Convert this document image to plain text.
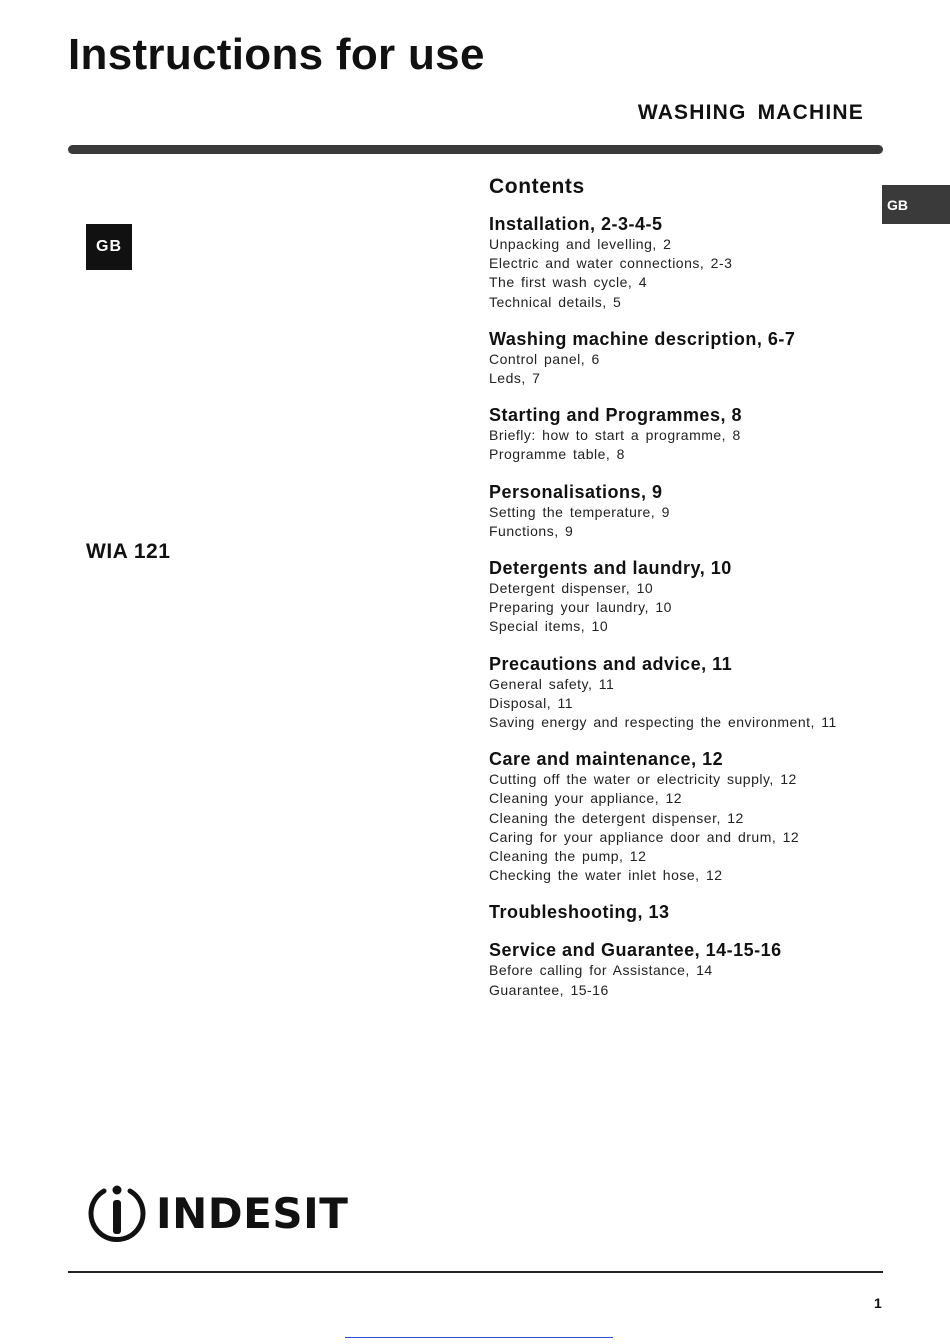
Instructions for use
WASHING MACHINE
GB
GB
WIA 121
Contents
Installation, 2-3-4-5
Unpacking and levelling, 2
Electric and water connections, 2-3
The first wash cycle, 4
Technical details, 5
Washing machine description, 6-7
Control panel, 6
Leds, 7
Starting and Programmes, 8
Briefly: how to start a programme, 8
Programme table, 8
Personalisations, 9
Setting the temperature, 9
Functions, 9
Detergents and laundry, 10
Detergent dispenser, 10
Preparing your laundry, 10
Special items, 10
Precautions and advice, 11
General safety, 11
Disposal, 11
Saving energy and respecting the environment, 11
Care and maintenance, 12
Cutting off the water or electricity supply, 12
Cleaning your appliance, 12
Cleaning the detergent dispenser, 12
Caring for your appliance door and drum, 12
Cleaning the pump, 12
Checking the water inlet hose, 12
Troubleshooting, 13
Service and Guarantee, 14-15-16
Before calling for Assistance, 14
Guarantee, 15-16
INDESIT
1
